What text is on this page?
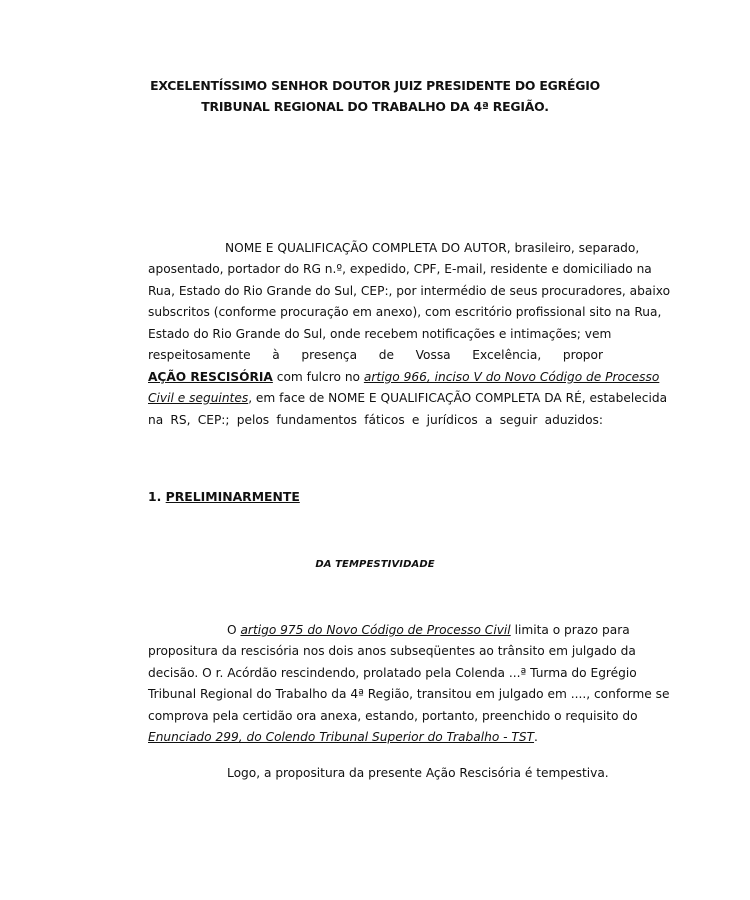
EXCELENTÍSSIMO SENHOR DOUTOR JUIZ PRESIDENTE DO EGRÉGIO
TRIBUNAL REGIONAL DO TRABALHO DA 4ª REGIÃO.
NOME E QUALIFICAÇÃO COMPLETA DO AUTOR, brasileiro, separado,
aposentado, portador do RG n.º, expedido, CPF, E-mail, residente e domiciliado na
Rua, Estado do Rio Grande do Sul, CEP:, por intermédio de seus procuradores, abaixo
subscritos (conforme procuração em anexo), com escritório profissional sito na Rua,
Estado do Rio Grande do Sul, onde recebem notificações e intimações; vem
respeitosamente à presença de Vossa Excelência, propor
AÇÃO RESCISÓRIA com fulcro no artigo 966, inciso V do Novo Código de Processo
Civil e seguintes, em face de NOME E QUALIFICAÇÃO COMPLETA DA RÉ, estabelecida
na RS, CEP:; pelos fundamentos fáticos e jurídicos a seguir aduzidos:
1. PRELIMINARMENTE
DA TEMPESTIVIDADE
O artigo 975 do Novo Código de Processo Civil limita o prazo para
propositura da rescisória nos dois anos subseqüentes ao trânsito em julgado da
decisão. O r. Acórdão rescindendo, prolatado pela Colenda ...ª Turma do Egrégio
Tribunal Regional do Trabalho da 4ª Região, transitou em julgado em ...., conforme se
comprova pela certidão ora anexa, estando, portanto, preenchido o requisito do
Enunciado 299, do Colendo Tribunal Superior do Trabalho - TST.
Logo, a propositura da presente Ação Rescisória é tempestiva.
